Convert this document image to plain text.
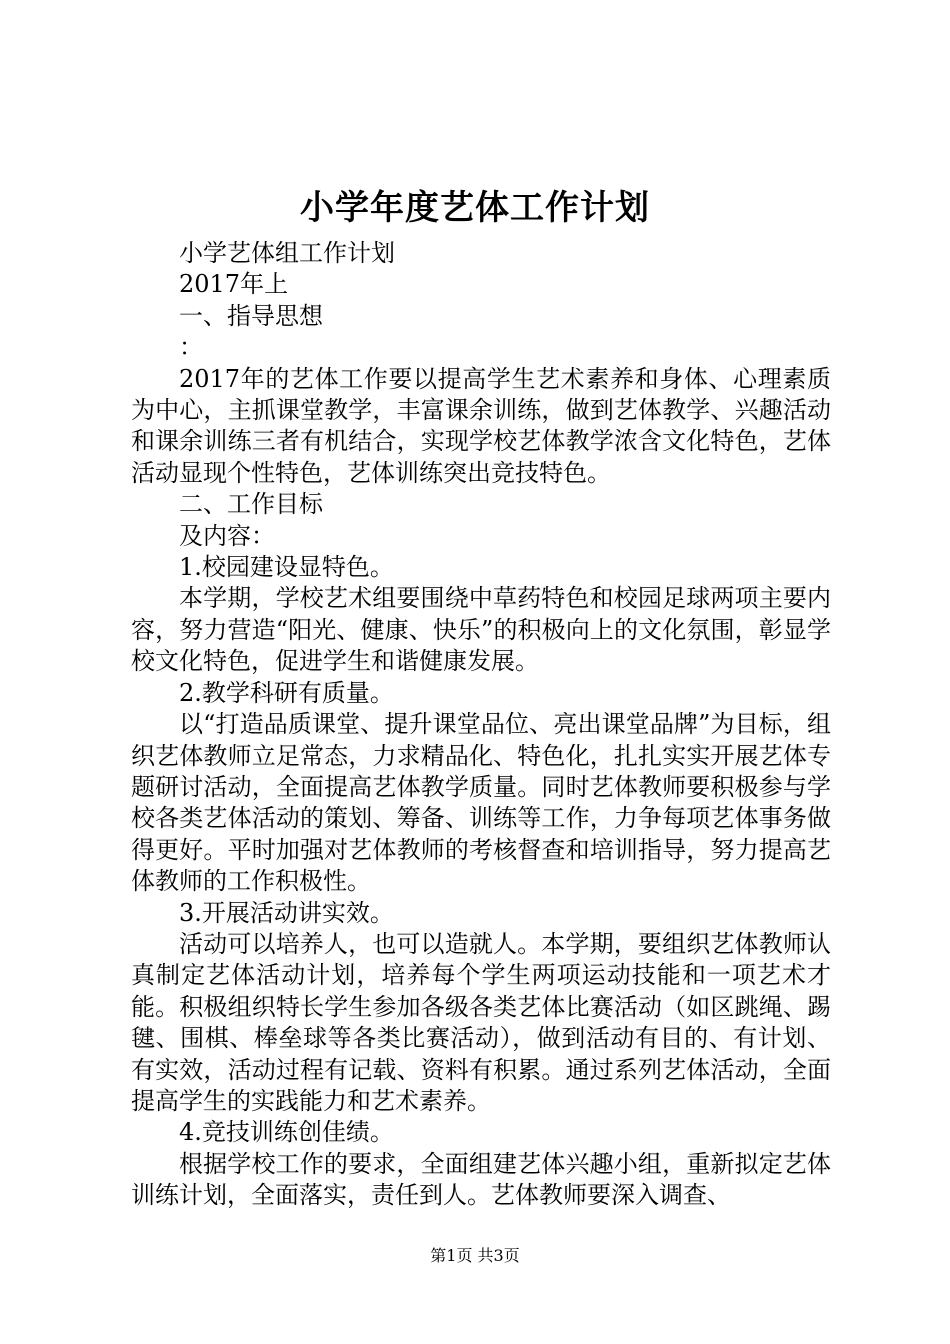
小学年度艺体工作计划

小学艺体组工作计划

2017年上

一、指导思想

：

2017年的艺体工作要以提高学生艺术素养和身体、心理素质为中心，主抓课堂教学，丰富课余训练，做到艺体教学、兴趣活动和课余训练三者有机结合，实现学校艺体教学浓含文化特色，艺体活动显现个性特色，艺体训练突出竞技特色。

二、工作目标

及内容：

1.校园建设显特色。

本学期，学校艺术组要围绕中草药特色和校园足球两项主要内容，努力营造“阳光、健康、快乐”的积极向上的文化氛围，彰显学校文化特色，促进学生和谐健康发展。

2.教学科研有质量。

以“打造品质课堂、提升课堂品位、亮出课堂品牌”为目标，组织艺体教师立足常态，力求精品化、特色化，扎扎实实开展艺体专题研讨活动，全面提高艺体教学质量。同时艺体教师要积极参与学校各类艺体活动的策划、筹备、训练等工作，力争每项艺体事务做得更好。平时加强对艺体教师的考核督查和培训指导，努力提高艺体教师的工作积极性。

3.开展活动讲实效。

活动可以培养人，也可以造就人。本学期，要组织艺体教师认真制定艺体活动计划，培养每个学生两项运动技能和一项艺术才能。积极组织特长学生参加各级各类艺体比赛活动（如区跳绳、踢毽、围棋、棒垒球等各类比赛活动），做到活动有目的、有计划、有实效，活动过程有记载、资料有积累。通过系列艺体活动，全面提高学生的实践能力和艺术素养。

4.竞技训练创佳绩。

根据学校工作的要求，全面组建艺体兴趣小组，重新拟定艺体训练计划，全面落实，责任到人。艺体教师要深入调查、

第1页 共3页
